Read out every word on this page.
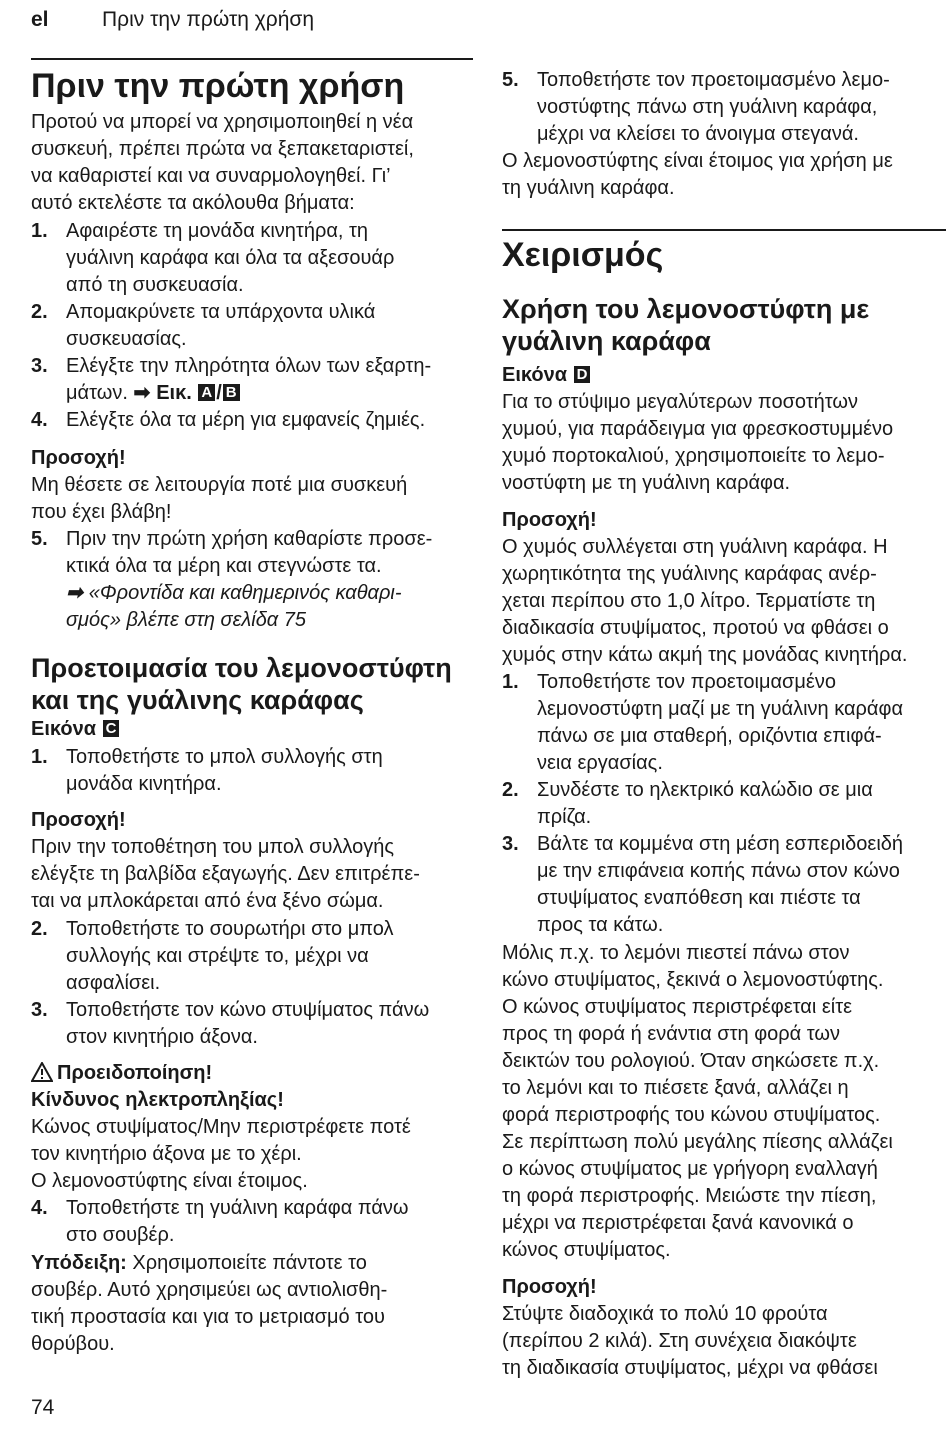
el	Πριν την πρώτη χρήση
Πριν την πρώτη χρήση
Προτού να μπορεί να χρησιμοποιηθεί η νέα
συσκευή, πρέπει πρώτα να ξεπακεταριστεί,
να καθαριστεί και να συναρμολογηθεί. Γι’
αυτό εκτελέστε τα ακόλουθα βήματα:
1. Αφαιρέστε τη μονάδα κινητήρα, τη
γυάλινη καράφα και όλα τα αξεσουάρ
από τη συσκευασία.
2. Απομακρύνετε τα υπάρχοντα υλικά
συσκευασίας.
3. Ελέγξτε την πληρότητα όλων των εξαρτη-
μάτων. ➡ Εικ. A / B
4. Ελέγξτε όλα τα μέρη για εμφανείς ζημιές.
Προσοχή!
Μη θέσετε σε λειτουργία ποτέ μια συσκευή
που έχει βλάβη!
5. Πριν την πρώτη χρήση καθαρίστε προσε-
κτικά όλα τα μέρη και στεγνώστε τα.
➡ «Φροντίδα και καθημερινός καθαρι-
σμός» βλέπε στη σελίδα 75
Προετοιμασία του λεμονοστύφτη
και της γυάλινης καράφας
Εικόνα C
1. Τοποθετήστε το μπολ συλλογής στη
μονάδα κινητήρα.
Προσοχή!
Πριν την τοποθέτηση του μπολ συλλογής
ελέγξτε τη βαλβίδα εξαγωγής. Δεν επιτρέπε-
ται να μπλοκάρεται από ένα ξένο σώμα.
2. Τοποθετήστε το σουρωτήρι στο μπολ
συλλογής και στρέψτε το, μέχρι να
ασφαλίσει.
3. Τοποθετήστε τον κώνο στυψίματος πάνω
στον κινητήριο άξονα.
Προειδοποίηση!
Κίνδυνος ηλεκτροπληξίας!
Κώνος στυψίματος/Μην περιστρέφετε ποτέ
τον κινητήριο άξονα με το χέρι.
Ο λεμονοστύφτης είναι έτοιμος.
4. Τοποθετήστε τη γυάλινη καράφα πάνω
στο σουβέρ.
Υπόδειξη: Χρησιμοποιείτε πάντοτε το
σουβέρ. Αυτό χρησιμεύει ως αντιολισθη-
τική προστασία και για το μετριασμό του
θορύβου.
5. Τοποθετήστε τον προετοιμασμένο λεμο-
νοστύφτης πάνω στη γυάλινη καράφα,
μέχρι να κλείσει το άνοιγμα στεγανά.
Ο λεμονοστύφτης είναι έτοιμος για χρήση με
τη γυάλινη καράφα.
Χειρισμός
Χρήση του λεμονοστύφτη με
γυάλινη καράφα
Εικόνα D
Για το στύψιμο μεγαλύτερων ποσοτήτων
χυμού, για παράδειγμα για φρεσκοστυμμένο
χυμό πορτοκαλιού, χρησιμοποιείτε το λεμο-
νοστύφτη με τη γυάλινη καράφα.
Προσοχή!
Ο χυμός συλλέγεται στη γυάλινη καράφα. Η
χωρητικότητα της γυάλινης καράφας ανέρ-
χεται περίπου στο 1,0 λίτρο. Τερματίστε τη
διαδικασία στυψίματος, προτού να φθάσει ο
χυμός στην κάτω ακμή της μονάδας κινητήρα.
1. Τοποθετήστε τον προετοιμασμένο
λεμονοστύφτη μαζί με τη γυάλινη καράφα
πάνω σε μια σταθερή, οριζόντια επιφά-
νεια εργασίας.
2. Συνδέστε το ηλεκτρικό καλώδιο σε μια
πρίζα.
3. Βάλτε τα κομμένα στη μέση εσπεριδοειδή
με την επιφάνεια κοπής πάνω στον κώνο
στυψίματος εναπόθεση και πιέστε τα
προς τα κάτω.
Μόλις π.χ. το λεμόνι πιεστεί πάνω στον
κώνο στυψίματος, ξεκινά ο λεμονοστύφτης.
Ο κώνος στυψίματος περιστρέφεται είτε
προς τη φορά ή ενάντια στη φορά των
δεικτών του ρολογιού. Όταν σηκώσετε π.χ.
το λεμόνι και το πιέσετε ξανά, αλλάζει η
φορά περιστροφής του κώνου στυψίματος.
Σε περίπτωση πολύ μεγάλης πίεσης αλλάζει
ο κώνος στυψίματος με γρήγορη εναλλαγή
τη φορά περιστροφής. Μειώστε την πίεση,
μέχρι να περιστρέφεται ξανά κανονικά ο
κώνος στυψίματος.
Προσοχή!
Στύψτε διαδοχικά το πολύ 10 φρούτα
(περίπου 2 κιλά). Στη συνέχεια διακόψτε
τη διαδικασία στυψίματος, μέχρι να φθάσει
74
